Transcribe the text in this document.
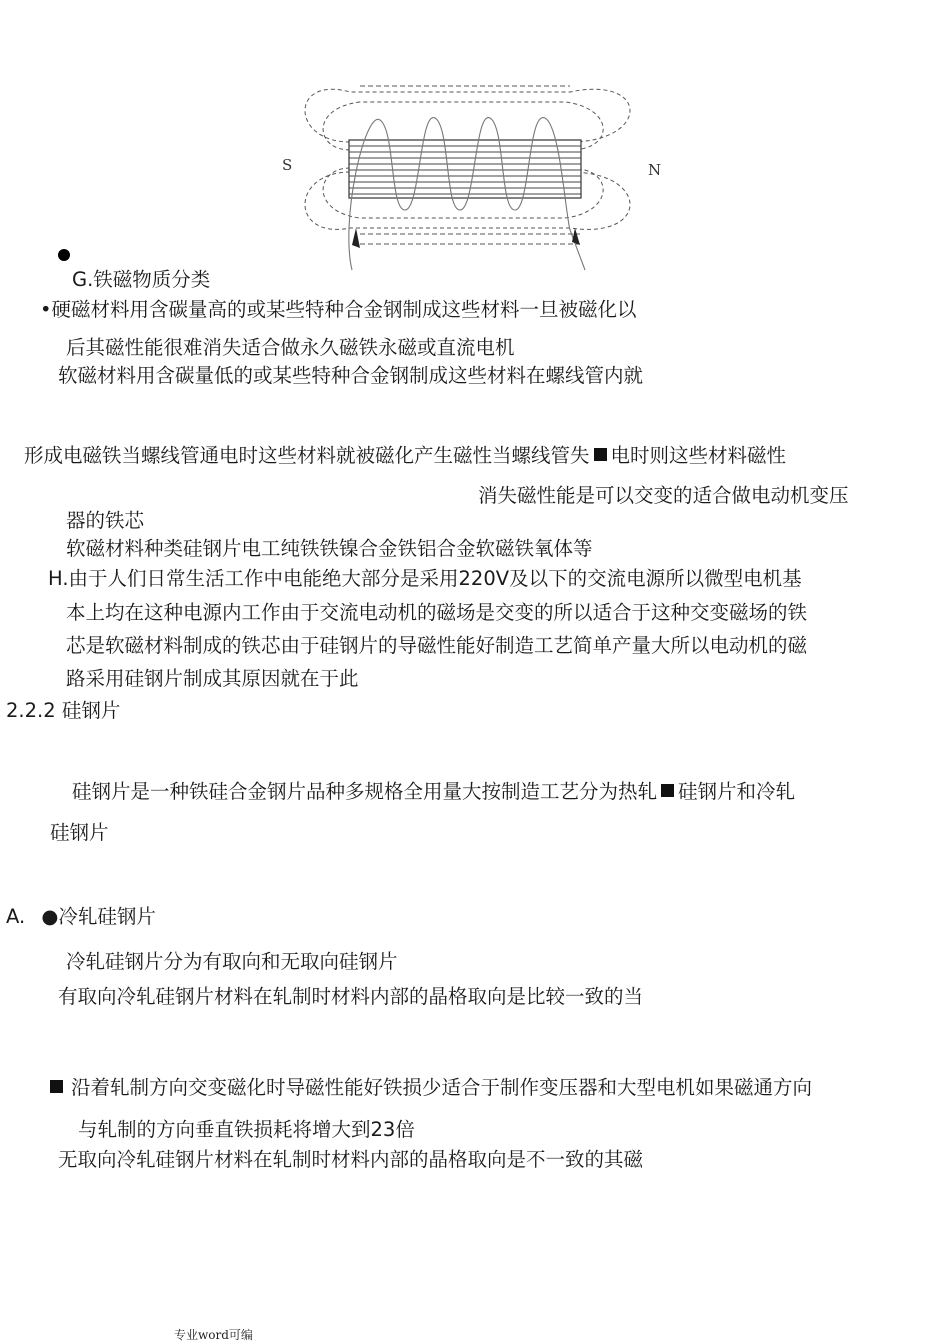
S	N
G.铁磁物质分类
•硬磁材料用含碳量高的或某些特种合金钢制成这些材料一旦被磁化以
后其磁性能很难消失适合做永久磁铁永磁或直流电机
软磁材料用含碳量低的或某些特种合金钢制成这些材料在螺线管内就
形成电磁铁当螺线管通电时这些材料就被磁化产生磁性当螺线管失 电时则这些材料磁性
消失磁性能是可以交变的适合做电动机变压
器的铁芯
软磁材料种类硅钢片电工纯铁铁镍合金铁铝合金软磁铁氧体等
H.由于人们日常生活工作中电能绝大部分是采用220V及以下的交流电源所以微型电机基
本上均在这种电源内工作由于交流电动机的磁场是交变的所以适合于这种交变磁场的铁
芯是软磁材料制成的铁芯由于硅钢片的导磁性能好制造工艺简单产量大所以电动机的磁
路采用硅钢片制成其原因就在于此
2.2.2 硅钢片
硅钢片是一种铁硅合金钢片品种多规格全用量大按制造工艺分为热轧 硅钢片和冷轧
硅钢片
A. ●冷轧硅钢片
冷轧硅钢片分为有取向和无取向硅钢片
有取向冷轧硅钢片材料在轧制时材料内部的晶格取向是比较一致的当
沿着轧制方向交变磁化时导磁性能好铁损少适合于制作变压器和大型电机如果磁通方向
与轧制的方向垂直铁损耗将增大到23倍
无取向冷轧硅钢片材料在轧制时材料内部的晶格取向是不一致的其磁
专业word可编
